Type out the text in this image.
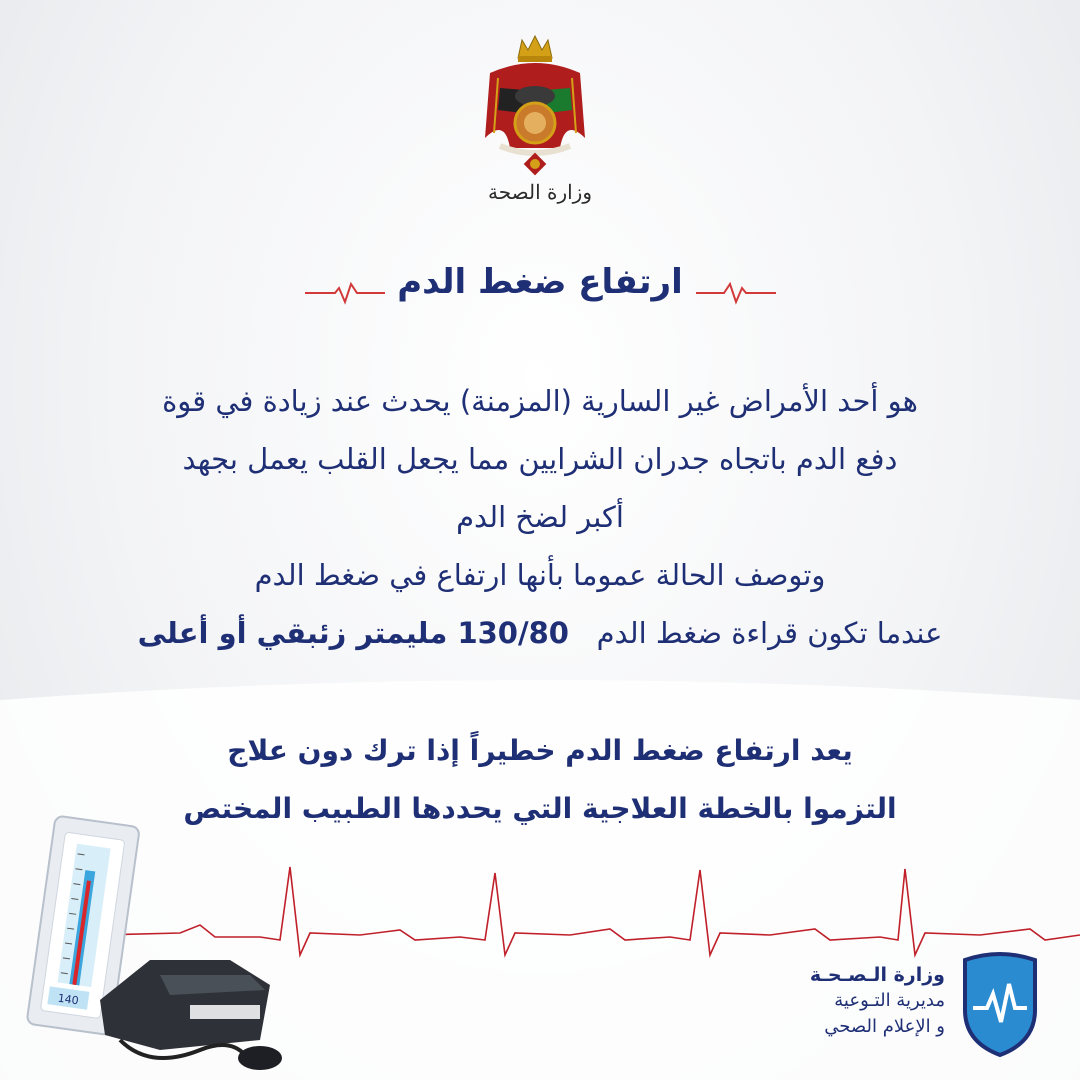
وزارة الصحة
ارتفاع ضغط الدم
هو أحد الأمراض غير السارية (المزمنة) يحدث عند زيادة في قوة
دفع الدم باتجاه جدران الشرايين مما يجعل القلب يعمل بجهد
أكبر لضخ الدم
وتوصف الحالة عموما بأنها ارتفاع في ضغط الدم
عندما تكون قراءة ضغط الدم   130/80 مليمتر زئبقي أو أعلى
يعد ارتفاع ضغط الدم خطيراً إذا ترك دون علاج
التزموا بالخطة العلاجية التي يحددها الطبيب المختص
140
وزارة الـصـحـة
مديرية التـوعية
و الإعلام الصحي
